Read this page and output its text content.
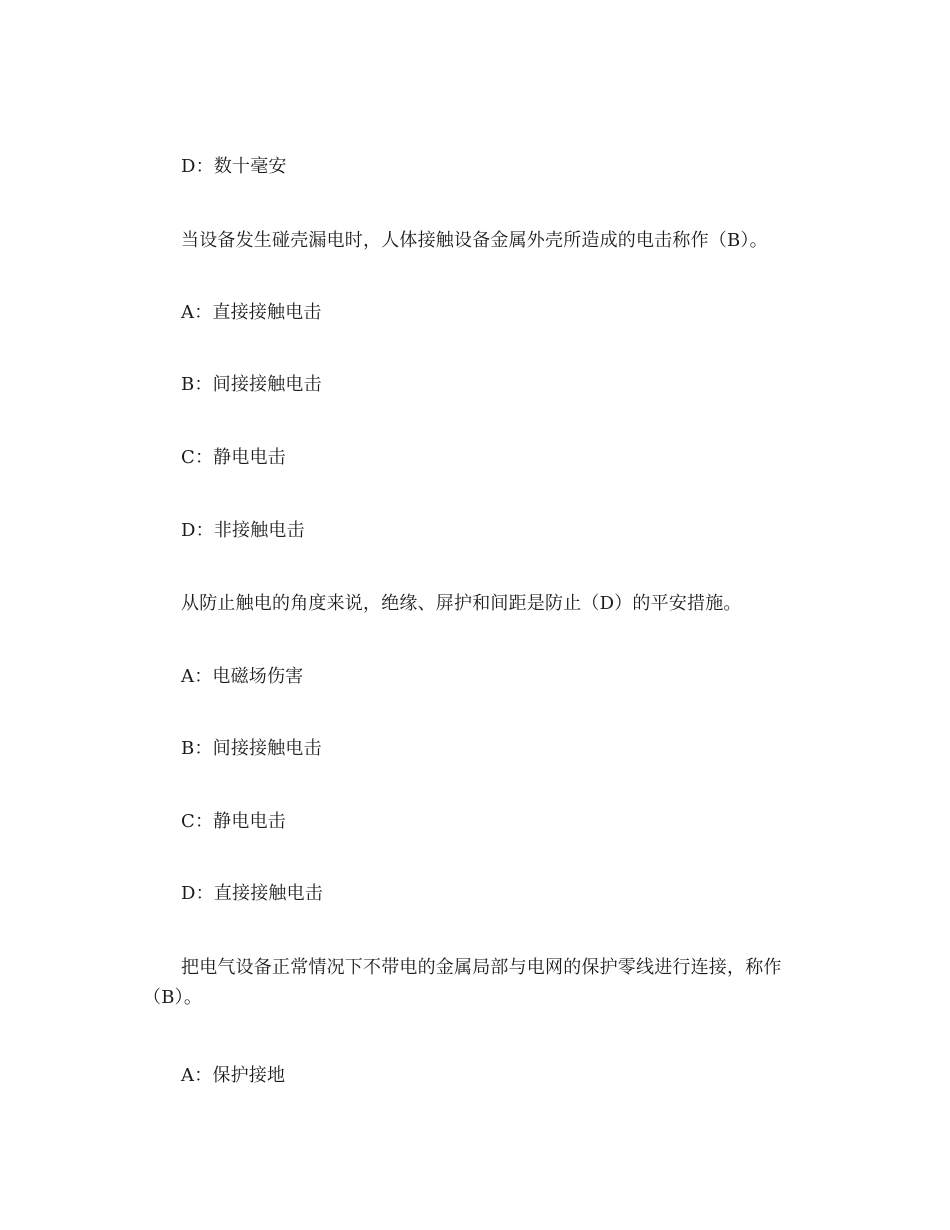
D：数十毫安
当设备发生碰壳漏电时，人体接触设备金属外壳所造成的电击称作（B）。
A：直接接触电击
B：间接接触电击
C：静电电击
D：非接触电击
从防止触电的角度来说，绝缘、屏护和间距是防止（D）的平安措施。
A：电磁场伤害
B：间接接触电击
C：静电电击
D：直接接触电击
把电气设备正常情况下不带电的金属局部与电网的保护零线进行连接，称作（B）。
A：保护接地
